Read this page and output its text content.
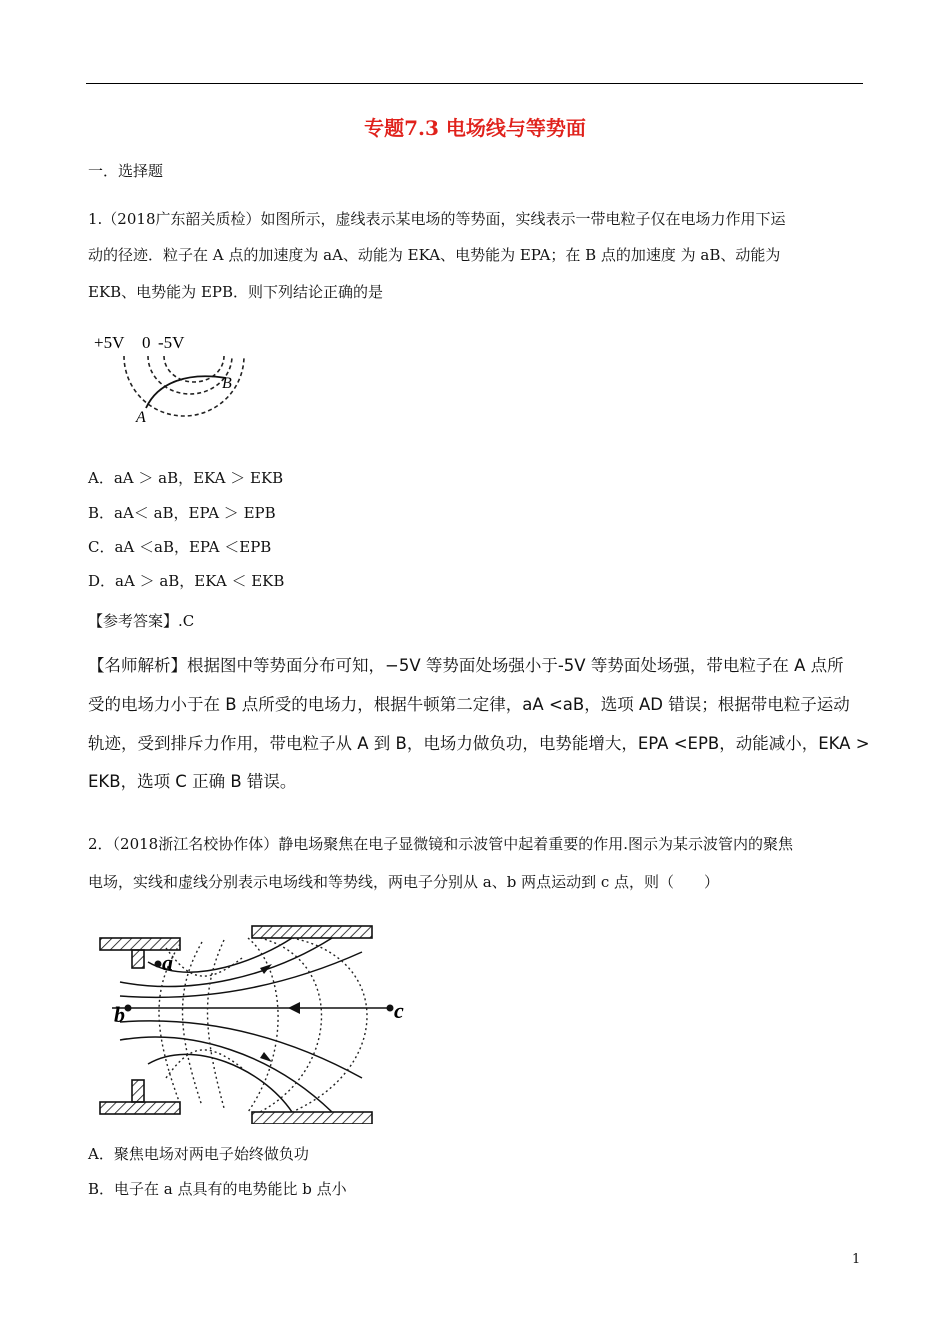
专题7.3 电场线与等势面
一．选择题
1.（2018广东韶关质检）如图所示，虚线表示某电场的等势面，实线表示一带电粒子仅在电场力作用下运
动的径迹．粒子在 A 点的加速度为 aA、动能为 EKA、电势能为 EPA；在 B 点的加速度 为 aB、动能为
EKB、电势能为 EPB．则下列结论正确的是
+5V 0 -5V
B
A
A．aA ＞ aB，EKA ＞ EKB
B．aA＜ aB，EPA ＞ EPB
C．aA ＜aB，EPA ＜EPB
D．aA ＞ aB，EKA ＜ EKB
【参考答案】.C
【名师解析】根据图中等势面分布可知，−5V 等势面处场强小于-5V 等势面处场强，带电粒子在 A 点所
受的电场力小于在 B 点所受的电场力，根据牛顿第二定律，aA <aB，选项 AD 错误；根据带电粒子运动
轨迹，受到排斥力作用，带电粒子从 A 到 B，电场力做负功，电势能增大，EPA <EPB，动能减小，EKA >
EKB，选项 C 正确 B 错误。
2．（2018浙江名校协作体）静电场聚焦在电子显微镜和示波管中起着重要的作用.图示为某示波管内的聚焦
电场，实线和虚线分别表示电场线和等势线，两电子分别从 a、b 两点运动到 c 点，则（　　）
a
b	c
A．聚焦电场对两电子始终做负功
B．电子在 a 点具有的电势能比 b 点小
1
